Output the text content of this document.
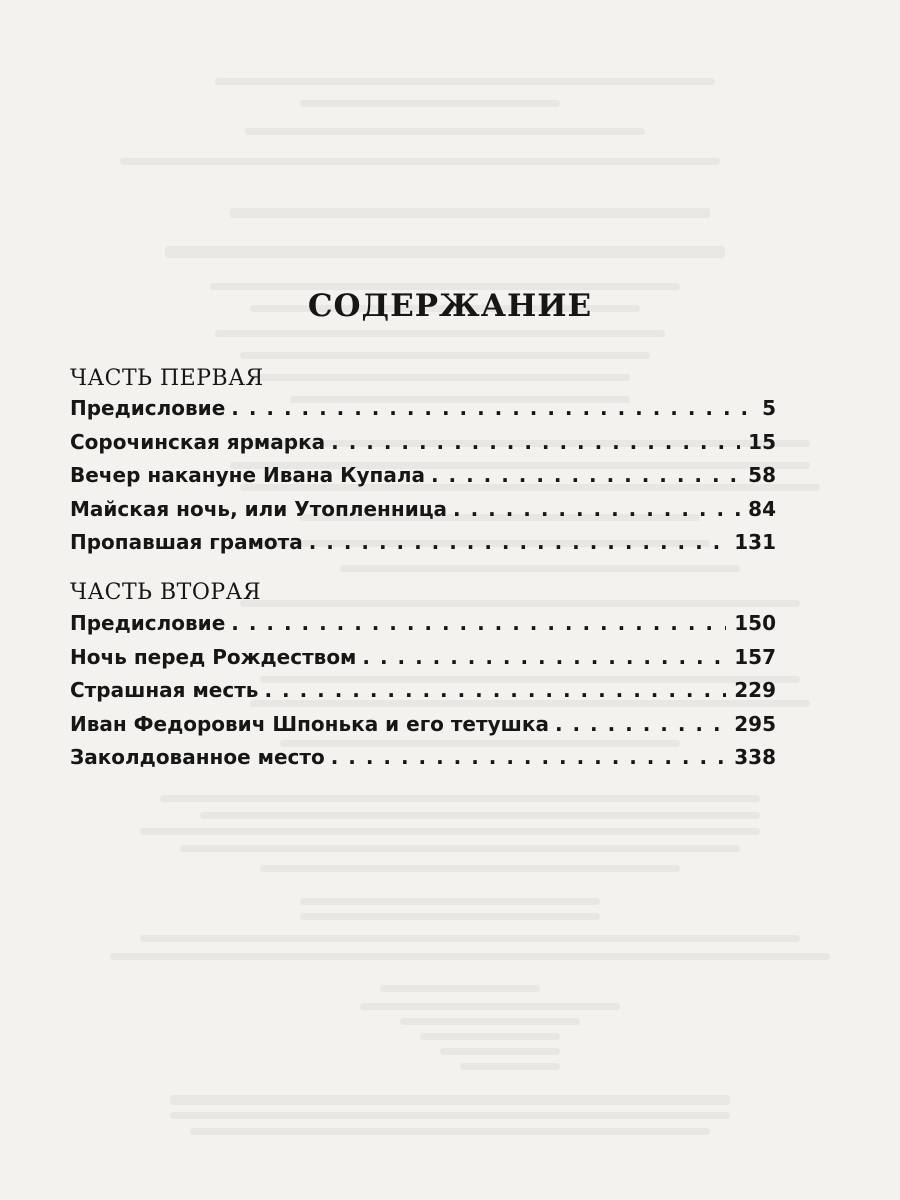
СОДЕРЖАНИЕ
ЧАСТЬ ПЕРВАЯ
Предисловие . . .	5
Сорочинская ярмарка . . .	15
Вечер накануне Ивана Купала . . .	58
Майская ночь, или Утопленница . . .	84
Пропавшая грамота . . .	131
ЧАСТЬ ВТОРАЯ
Предисловие . . .	150
Ночь перед Рождеством . . .	157
Страшная месть . . .	229
Иван Федорович Шпонька и его тетушка . . .	295
Заколдованное место . . .	338
